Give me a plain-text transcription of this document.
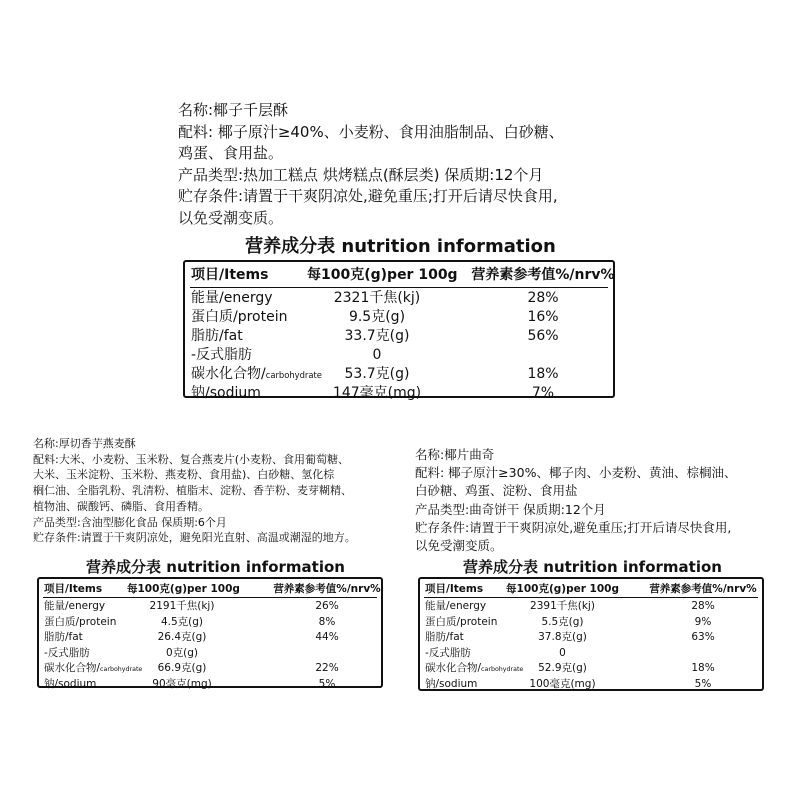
名称:椰子千层酥
配料: 椰子原汁≥40%、小麦粉、食用油脂制品、白砂糖、
鸡蛋、食用盐。
产品类型:热加工糕点 烘烤糕点(酥层类) 保质期:12个月
贮存条件:请置于干爽阴凉处,避免重压;打开后请尽快食用,
以免受潮变质。
营养成分表 nutrition information
项目/Items	每100克(g)per 100g 营养素参考值%/nrv%
能量/energy	2321千焦(kj)	28%
蛋白质/protein	9.5克(g)	16%
脂肪/fat	33.7克(g)	56%
-反式脂肪	0
碳水化合物/carbohydrate	53.7克(g)	18%
钠/sodium	147毫克(mg)	7%
名称:厚切香芋燕麦酥
配料:大米、小麦粉、玉米粉、复合燕麦片(小麦粉、食用葡萄糖、
大米、玉米淀粉、玉米粉、燕麦粉、食用盐)、白砂糖、氢化棕
榈仁油、全脂乳粉、乳清粉、植脂末、淀粉、香芋粉、麦芽糊精、
植物油、碳酸钙、磷脂、食用香精。
产品类型:含油型膨化食品 保质期:6个月
贮存条件:请置于干爽阴凉处，避免阳光直射、高温或潮湿的地方。
营养成分表 nutrition information
项目/Items 每100克(g)per 100g	营养素参考值%/nrv%
能量/energy	2191千焦(kj)	26%
蛋白质/protein	4.5克(g)	8%
脂肪/fat	26.4克(g)	44%
-反式脂肪	0克(g)
碳水化合物/carbohydrate	66.9克(g)	22%
钠/sodium	90毫克(mg)	5%
名称:椰片曲奇
配料: 椰子原汁≥30%、椰子肉、小麦粉、黄油、棕榈油、
白砂糖、鸡蛋、淀粉、食用盐
产品类型:曲奇饼干 保质期:12个月
贮存条件:请置于干爽阴凉处,避免重压;打开后请尽快食用,
以免受潮变质。
营养成分表 nutrition information
项目/Items 每100克(g)per 100g	营养素参考值%/nrv%
能量/energy	2391千焦(kj)	28%
蛋白质/protein	5.5克(g)	9%
脂肪/fat	37.8克(g)	63%
-反式脂肪	0
碳水化合物/carbohydrate	52.9克(g)	18%
钠/sodium	100毫克(mg)	5%
